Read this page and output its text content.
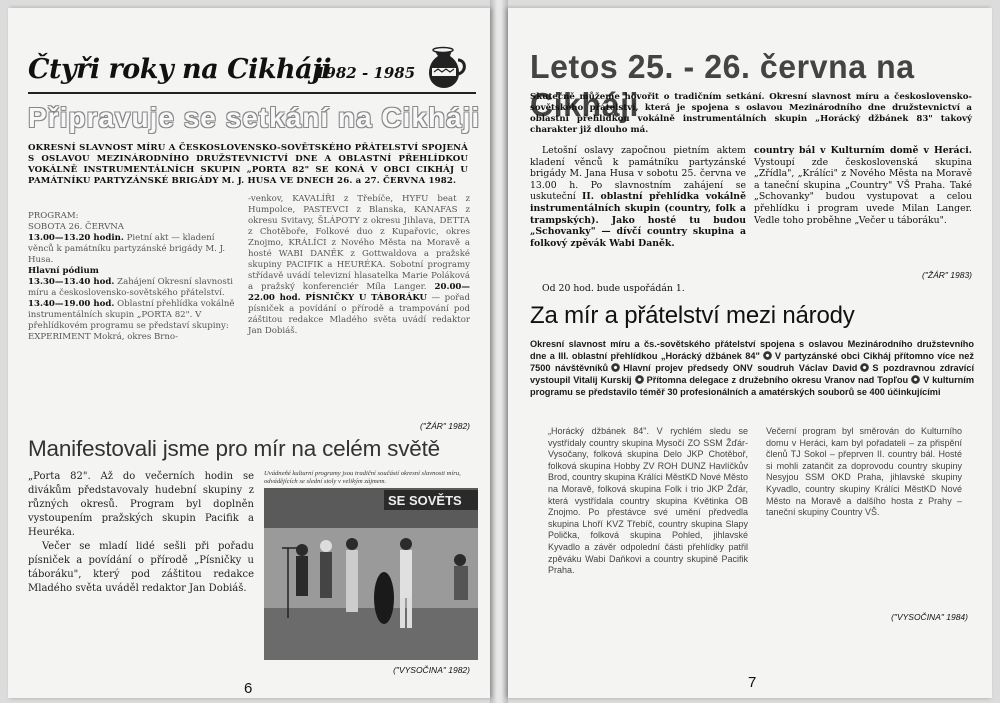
Čtyři roky na Cikháji
1982 - 1985
Připravuje se setkání na Cikháji
OKRESNÍ SLAVNOST MÍRU A ČESKOSLOVENSKO-SOVĚTSKÉHO PŘÁTELSTVÍ SPOJENÁ S OSLAVOU MEZINÁRODNÍHO DRUŽSTEVNICTVÍ DNE A OBLASTNÍ PŘEHLÍDKOU VOKÁLNĚ INSTRUMENTÁLNÍCH SKUPIN „PORTA 82" SE KONÁ V OBCI CIKHÁJ U PAMÁTNÍKU PARTYZÁNSKÉ BRIGÁDY M. J. HUSA VE DNECH 26. a 27. ČERVNA 1982.
PROGRAM:
SOBOTA 26. ČERVNA
13.00—13.20 hodin. Pietní akt — kladení věnců k památníku partyzánské brigády M. J. Husa.
Hlavní pódium
13.30—13.40 hod. Zahájení Okresní slavnosti míru a československo-sovětského přátelství.
13.40—19.00 hod. Oblastní přehlídka vokálně instrumentálních skupin „PORTA 82". V přehlídkovém programu se představí skupiny: EXPERIMENT Mokrá, okres Brno-
-venkov, KAVALÍŘI z Třebíče, HYFU beat z Humpolce, PASTEVCI z Blanska, KANAFAS z okresu Svitavy, ŠLÁPOTY z okresu Jihlava, DETTA z Chotěboře, Folkové duo z Kupařovic, okres Znojmo, KRÁLÍCI z Nového Města na Moravě a hosté WABI DANĚK z Gottwaldova a pražské skupiny PACIFIK a HEURÉKA. Sobotní programy střídavě uvádí televizní hlasatelka Marie Poláková a pražský konferenciér Míla Langer. 20.00—22.00 hod. PÍSNIČKY U TÁBORÁKU — pořad písniček a povídání o přírodě a trampování pod záštitou redakce Mladého světa uvádí redaktor Jan Dobiáš.
("ŽÁR" 1982)
Manifestovali jsme pro mír na celém světě

„Porta 82". Až do večerních hodin se divákům představovaly hudební skupiny z různých okresů. Program byl doplněn vystoupením pražských skupin Pacifik a Heuréka.

Večer se mladí lidé sešli při pořadu písniček a povídání o přírodě „Písničky u táboráku", který pod záštitou redakce Mladého světa uváděl redaktor Jan Dobiáš.

Uvádneňé kulturní programy jsou tradiční součástí okresní slavnosti míru, odvádějících se slední stoly v velikým zájmem.
SE SOVĚTS
("VYSOČINA" 1982)
6
Letos 25. - 26. června na Cikháji
Skutečně můžeme hovořit o tradičním setkání. Okresní slavnost míru a československo-sovětského přátelství, která je spojena s oslavou Mezinárodního dne družstevnictví a oblastní přehlídkou vokálně instrumentálních skupin „Horácký džbánek 83" takový charakter již dlouho má.
Letošní oslavy započnou pietním aktem kladení věnců k památníku partyzánské brigády M. Jana Husa v sobotu 25. června ve 13.00 h. Po slavnostním zahájení se uskuteční II. oblastní přehlídka vokálně instrumentálních skupin (country, folk a trampských). Jako hosté tu budou „Schovanky" — dívčí country skupina a folkový zpěvák Wabi Daněk.
country bál v Kulturním domě v Heráci. Vystoupí zde československá skupina „Zřídla", „Králíci" z Nového Města na Moravě a taneční skupina „Country" VŠ Praha. Také „Schovanky" budou vystupovat a celou přehlídku i program uvede Milan Langer. Vedle toho proběhne „Večer u táboráku".
("ŽÁR" 1983)
Od 20 hod. bude uspořádán 1.
Za mír a přátelství mezi národy
Okresní slavnost míru a čs.-sovětského přátelství spojena s oslavou Mezinárodního družstevního dne a III. oblastní přehlídkou „Horácký džbánek 84" V partyzánské obci Cikháj přítomno více než 7500 návštěvníků Hlavní projev předsedy ONV soudruh Václav David S pozdravnou zdravící vystoupil Vitalij Kurskij Přítomna delegace z družebního okresu Vranov nad Topľou V kulturním programu se představilo téměř 30 profesionálních a amatérských souborů se 400 účinkujícími
„Horácký džbánek 84". V rychlém sledu se vystřídaly country skupina Mysočí ZO SSM Žďár-Vysočany, folková skupina Delo JKP Chotěboř, folková skupina Hobby ZV ROH DUNZ Havlíčkův Brod, country skupina Králíci MěstKD Nové Město na Moravě, folková skupina Folk i trio JKP Žďár, která vystřídala country skupina Květinka OB Znojmo. Po přestávce své umění předvedla skupina Lhoří KVZ Třebíč, country skupina Slapy Polička, folková skupina Pohled, jihlavské Kyvadlo a závěr odpolední části přehlídky patřil zpěváku Wabi Daňkovi a country skupině Pacifik Praha.
Večerní program byl směrován do Kulturního domu v Heráci, kam byl pořadateli – za přispění členů TJ Sokol – přeprven II. country bál. Hosté si mohli zatančit za doprovodu country skupiny Nesyjou SSM OKD Praha, jihlavské skupiny Kyvadlo, country skupiny Králíci MěstKD Nové Město na Moravě a dalšího hosta z Prahy – taneční skupiny Country VŠ.
("VYSOČINA" 1984)
7
